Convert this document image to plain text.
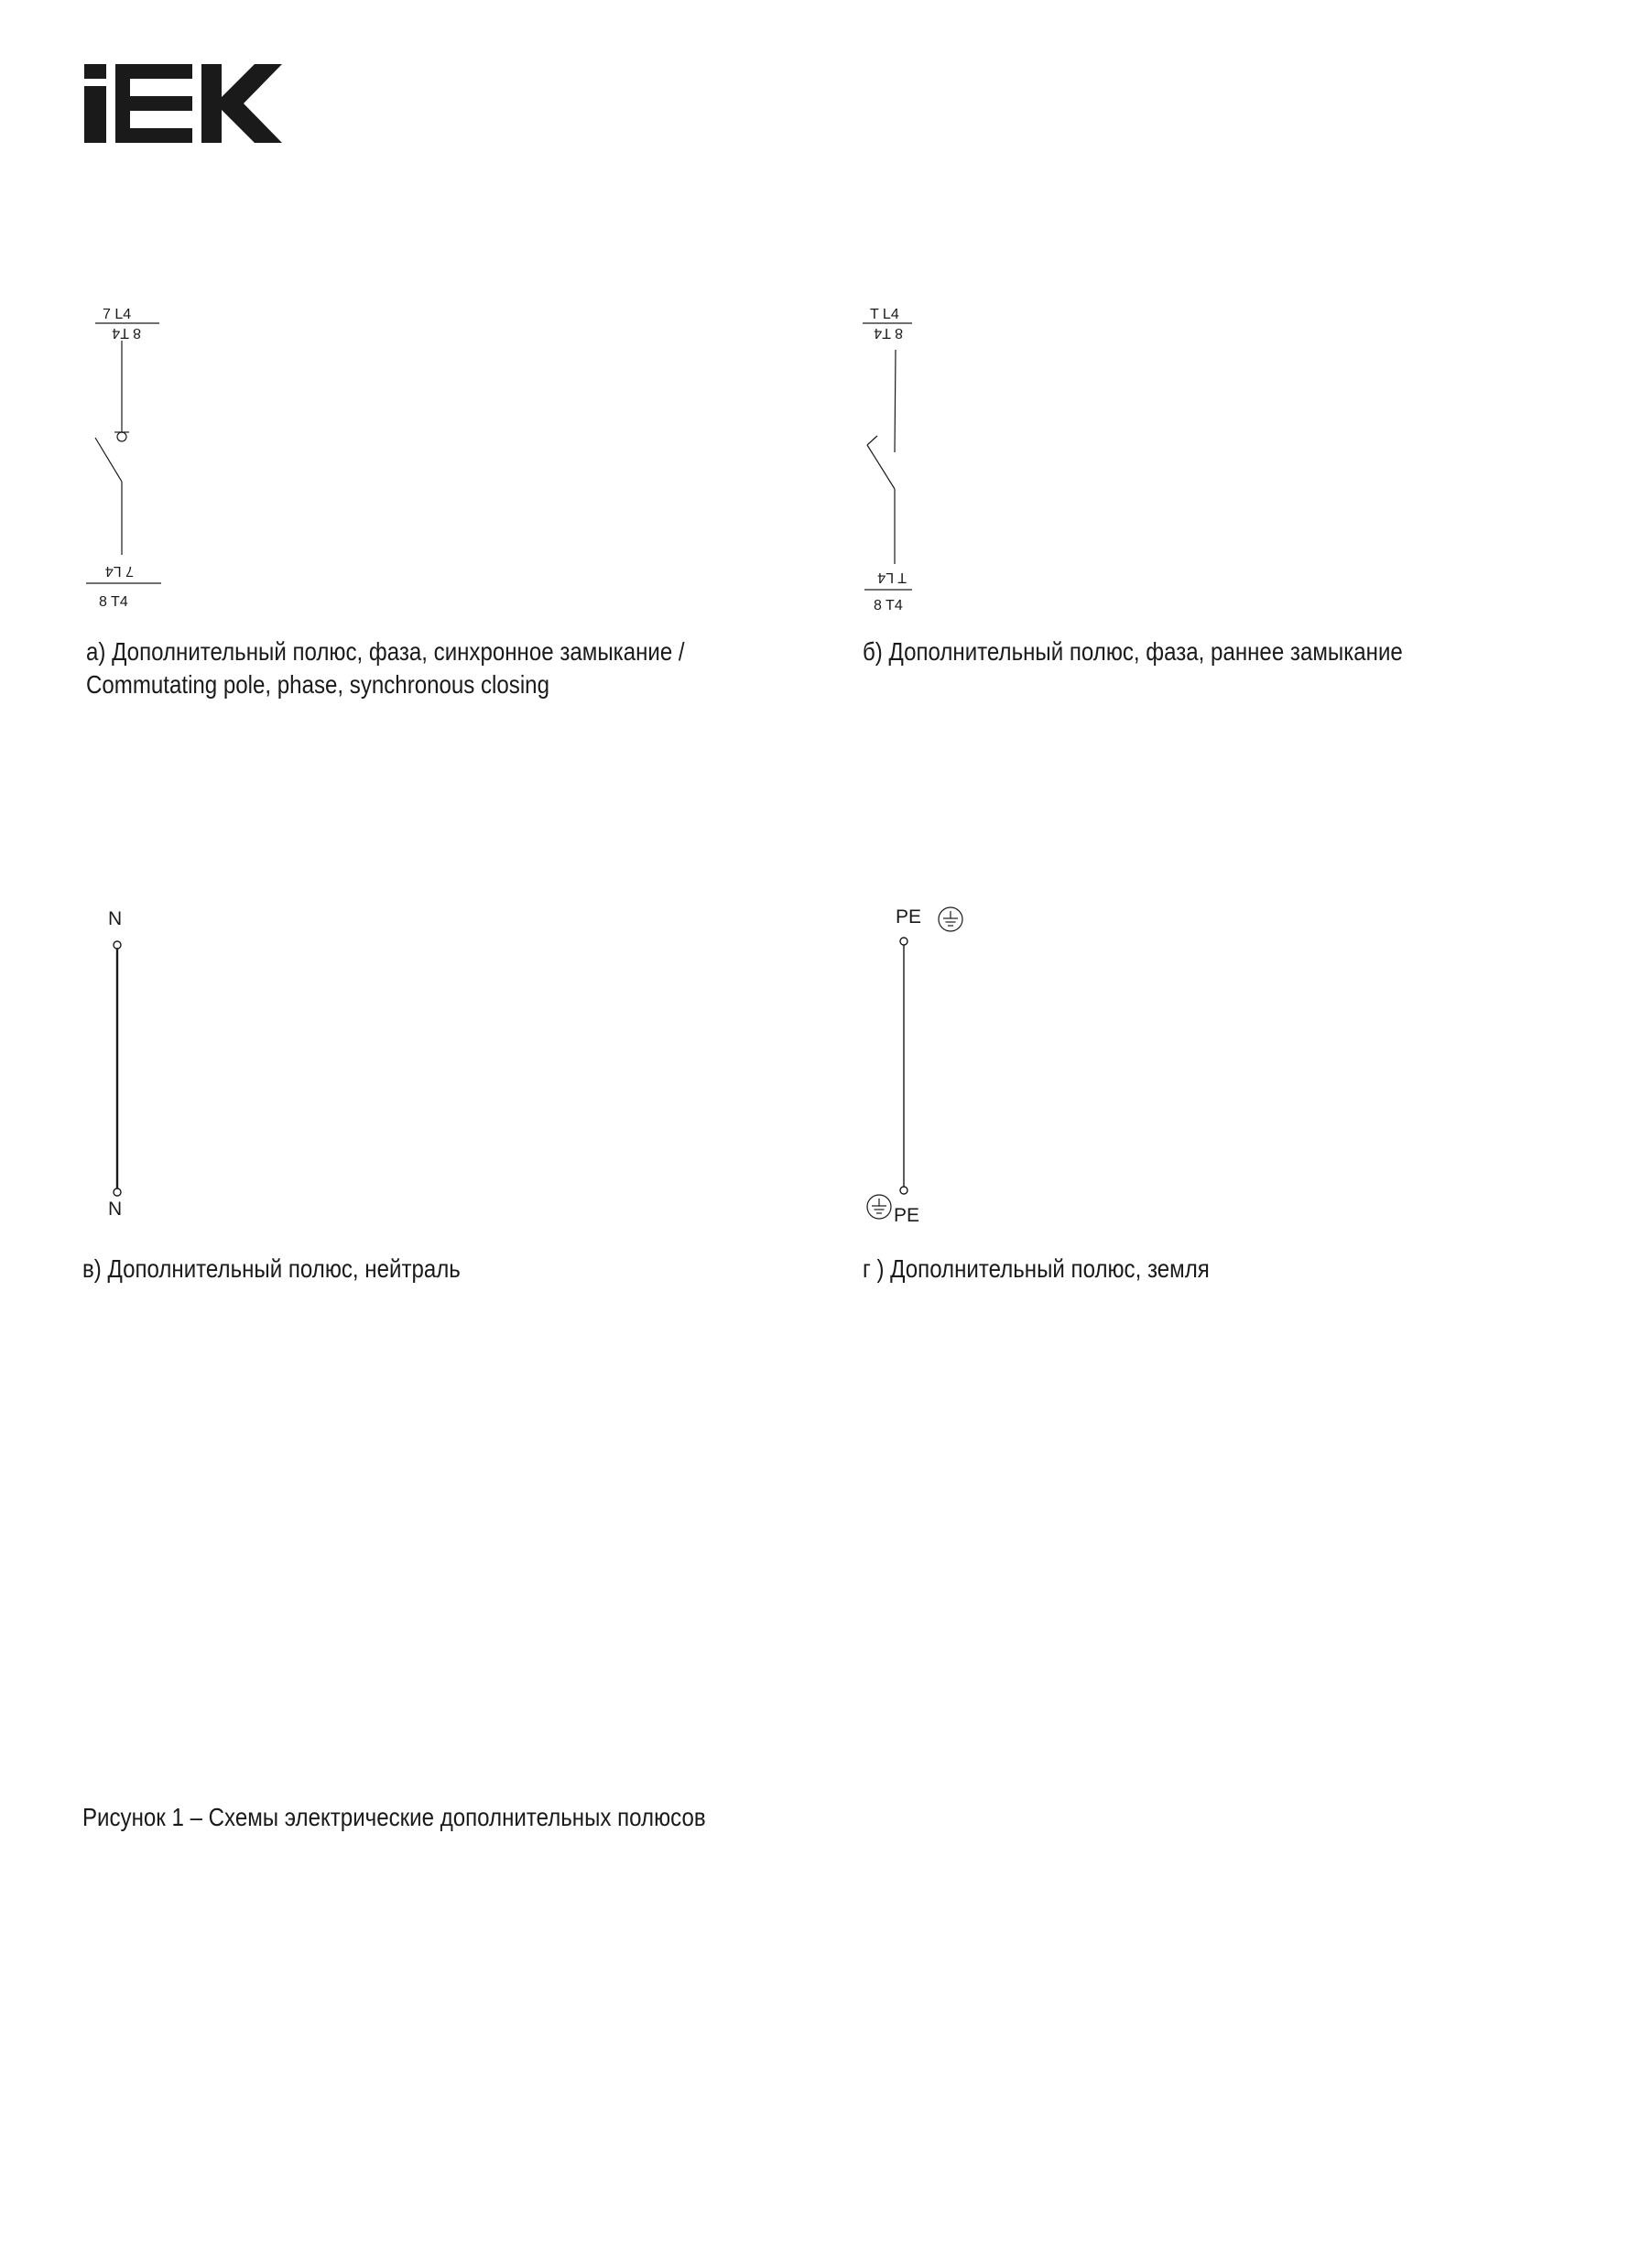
7 L4
8 T4
7 L4
8 T4
T L4
8 T4
T L4
8 T4
N
N
PE
PE

а) Дополнительный полюс, фаза, синхронное замыкание /
Commutating pole, phase, synchronous closing

б) Дополнительный полюс, фаза, раннее замыкание

в) Дополнительный полюс, нейтраль	г ) Дополнительный полюс, земля

Рисунок 1 – Схемы электрические дополнительных полюсов
